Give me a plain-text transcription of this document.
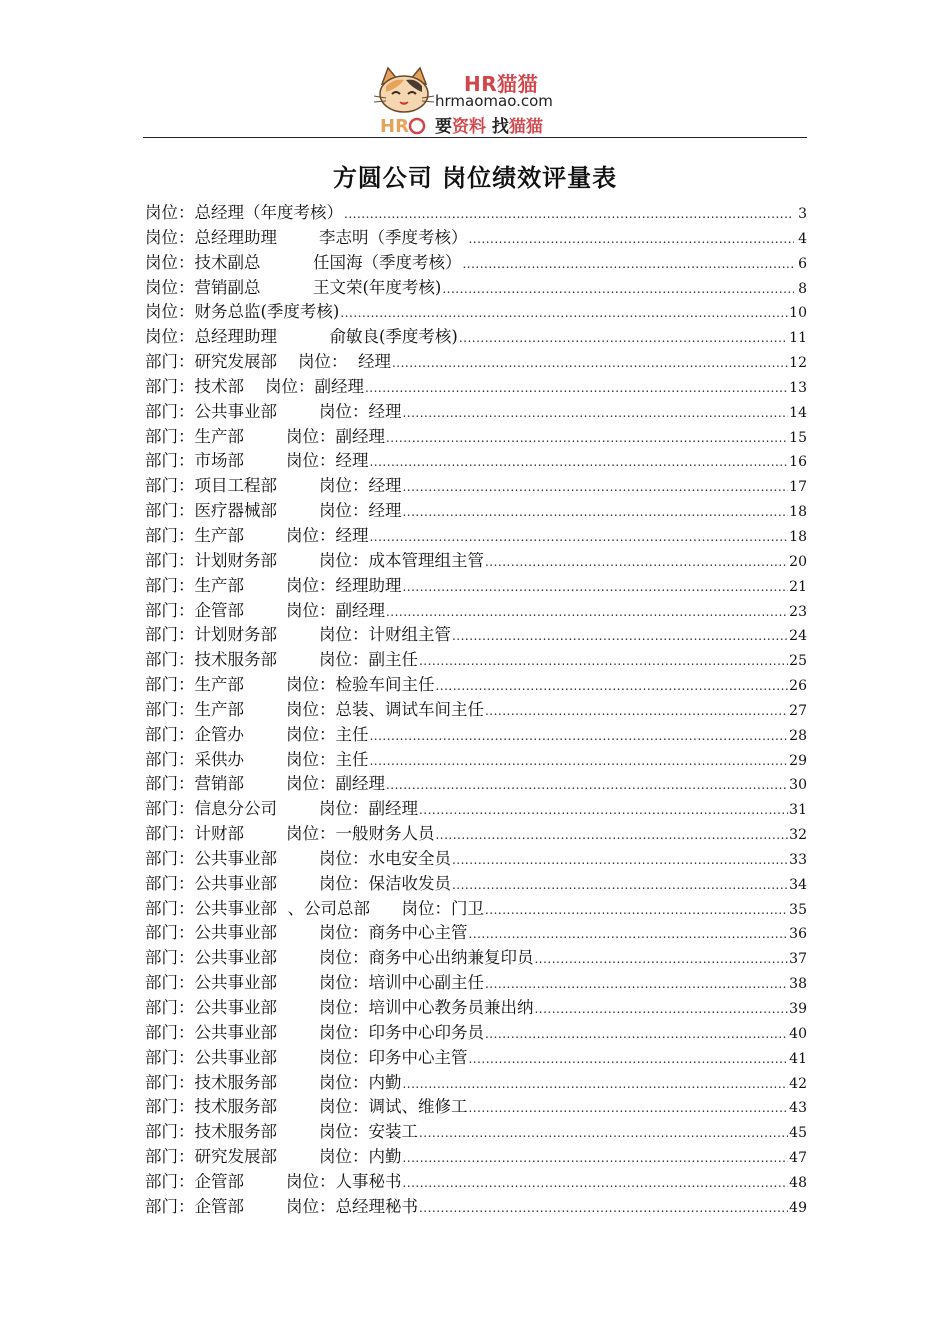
HR
HR猫猫
hrmaomao.com
要资料 找猫猫
方圆公司 岗位绩效评量表
岗位：总经理（年度考核） .....	3
岗位：总经理助理        李志明（季度考核） .....	4
岗位：技术副总          任国海（季度考核） .....	6
岗位：营销副总          王文荣(年度考核) .....	8
岗位：财务总监(季度考核) .....	10
岗位：总经理助理          俞敏良(季度考核) .....	11
部门：研究发展部    岗位：  经理 .....	12
部门：技术部    岗位：副经理 .....	13
部门：公共事业部        岗位：经理 .....	14
部门：生产部        岗位：副经理 .....	15
部门：市场部        岗位：经理 .....	16
部门：项目工程部        岗位：经理 .....	17
部门：医疗器械部        岗位：经理 .....	18
部门：生产部        岗位：经理 .....	18
部门：计划财务部        岗位：成本管理组主管 .....	20
部门：生产部        岗位：经理助理 .....	21
部门：企管部        岗位：副经理 .....	23
部门：计划财务部        岗位：计财组主管 .....	24
部门：技术服务部        岗位：副主任 .....	25
部门：生产部        岗位：检验车间主任 .....	26
部门：生产部        岗位：总装、调试车间主任 .....	27
部门：企管办        岗位：主任 .....	28
部门：采供办        岗位：主任 .....	29
部门：营销部        岗位：副经理 .....	30
部门：信息分公司        岗位：副经理 .....	31
部门：计财部        岗位：一般财务人员 .....	32
部门：公共事业部        岗位：水电安全员 .....	33
部门：公共事业部        岗位：保洁收发员 .....	34
部门：公共事业部  、公司总部      岗位：门卫 .....	35
部门：公共事业部        岗位：商务中心主管 .....	36
部门：公共事业部        岗位：商务中心出纳兼复印员 .....	37
部门：公共事业部        岗位：培训中心副主任 .....	38
部门：公共事业部        岗位：培训中心教务员兼出纳 .....	39
部门：公共事业部        岗位：印务中心印务员 .....	40
部门：公共事业部        岗位：印务中心主管 .....	41
部门：技术服务部        岗位：内勤 .....	42
部门：技术服务部        岗位：调试、维修工 .....	43
部门：技术服务部        岗位：安装工 .....	45
部门：研究发展部        岗位：内勤 .....	47
部门：企管部        岗位：人事秘书 .....	48
部门：企管部        岗位：总经理秘书 .....	49
